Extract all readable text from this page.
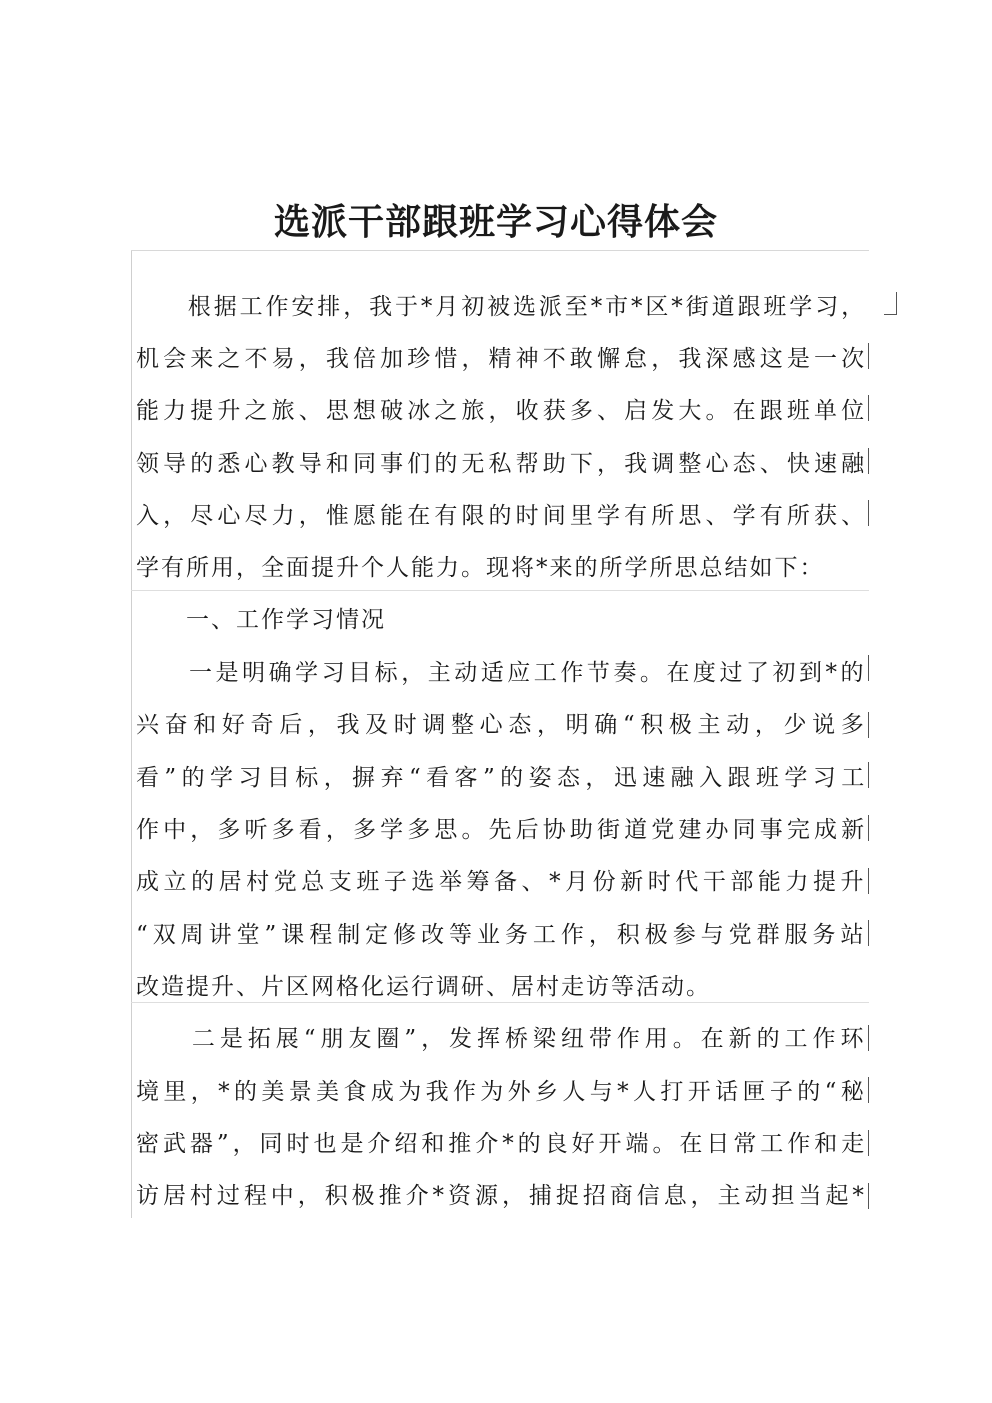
选派干部跟班学习心得体会

　　根据工作安排，我于*月初被选派至*市*区*街道跟班学习，

机会来之不易，我倍加珍惜，精神不敢懈怠，我深感这是一次

能力提升之旅、思想破冰之旅，收获多、启发大。在跟班单位

领导的悉心教导和同事们的无私帮助下，我调整心态、快速融

入，尽心尽力，惟愿能在有限的时间里学有所思、学有所获、

学有所用，全面提升个人能力。现将*来的所学所思总结如下：

　　一、工作学习情况

　　一是明确学习目标，主动适应工作节奏。在度过了初到*的

兴奋和好奇后，我及时调整心态，明确“积极主动，少说多

看”的学习目标，摒弃“看客”的姿态，迅速融入跟班学习工

作中，多听多看，多学多思。先后协助街道党建办同事完成新

成立的居村党总支班子选举筹备、*月份新时代干部能力提升

“双周讲堂”课程制定修改等业务工作，积极参与党群服务站

改造提升、片区网格化运行调研、居村走访等活动。

　　二是拓展“朋友圈”，发挥桥梁纽带作用。在新的工作环

境里，*的美景美食成为我作为外乡人与*人打开话匣子的“秘

密武器”，同时也是介绍和推介*的良好开端。在日常工作和走

访居村过程中，积极推介*资源，捕捉招商信息，主动担当起*
